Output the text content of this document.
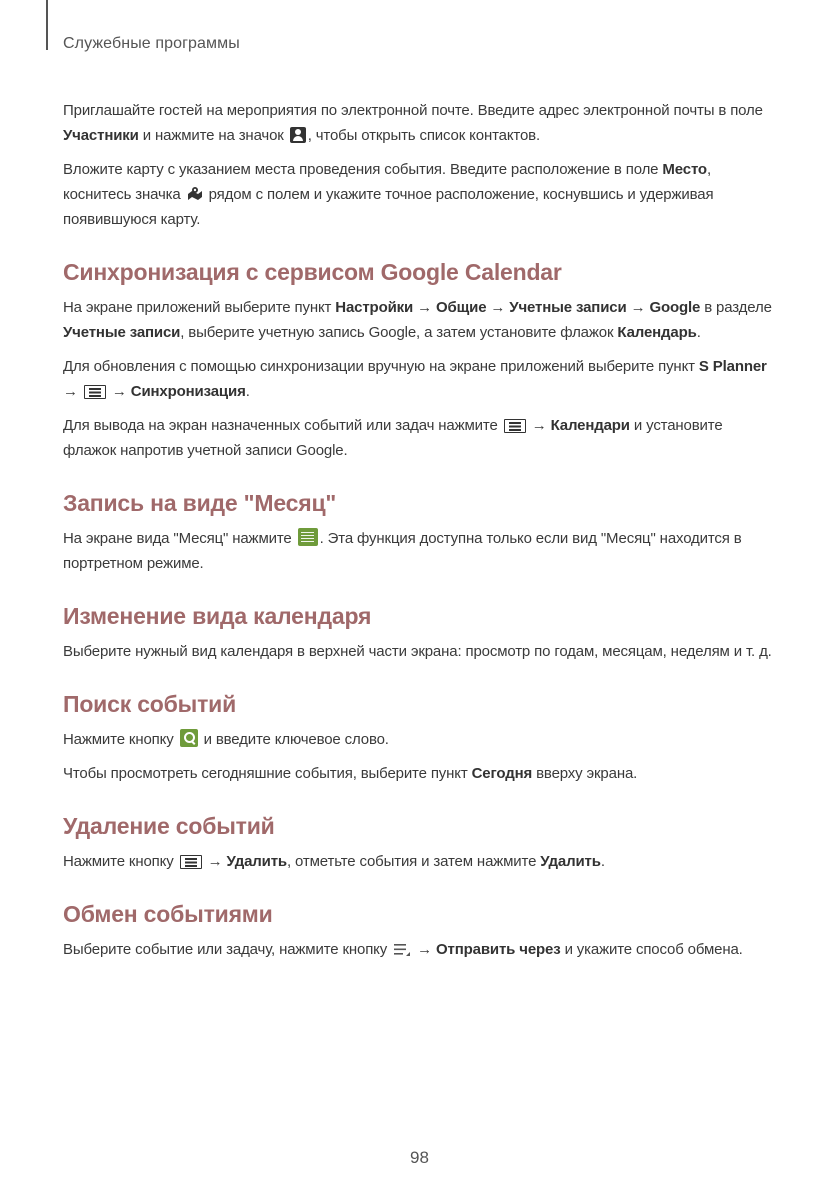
Служебные программы

Приглашайте гостей на мероприятия по электронной почте. Введите адрес электронной почты в поле Участники и нажмите на значок , чтобы открыть список контактов.

Вложите карту с указанием места проведения события. Введите расположение в поле Место, коснитесь значка  рядом с полем и укажите точное расположение, коснувшись и удерживая появившуюся карту.

Синхронизация с сервисом Google Calendar

На экране приложений выберите пункт Настройки → Общие → Учетные записи → Google в разделе Учетные записи, выберите учетную запись Google, а затем установите флажок Календарь.

Для обновления с помощью синхронизации вручную на экране приложений выберите пункт S Planner →  → Синхронизация.

Для вывода на экран назначенных событий или задач нажмите  → Календари и установите флажок напротив учетной записи Google.

Запись на виде "Месяц"

На экране вида "Месяц" нажмите . Эта функция доступна только если вид "Месяц" находится в портретном режиме.

Изменение вида календаря

Выберите нужный вид календаря в верхней части экрана: просмотр по годам, месяцам, неделям и т. д.

Поиск событий

Нажмите кнопку  и введите ключевое слово.

Чтобы просмотреть сегодняшние события, выберите пункт Сегодня вверху экрана.

Удаление событий

Нажмите кнопку  → Удалить, отметьте события и затем нажмите Удалить.

Обмен событиями

Выберите событие или задачу, нажмите кнопку  → Отправить через и укажите способ обмена.

98
